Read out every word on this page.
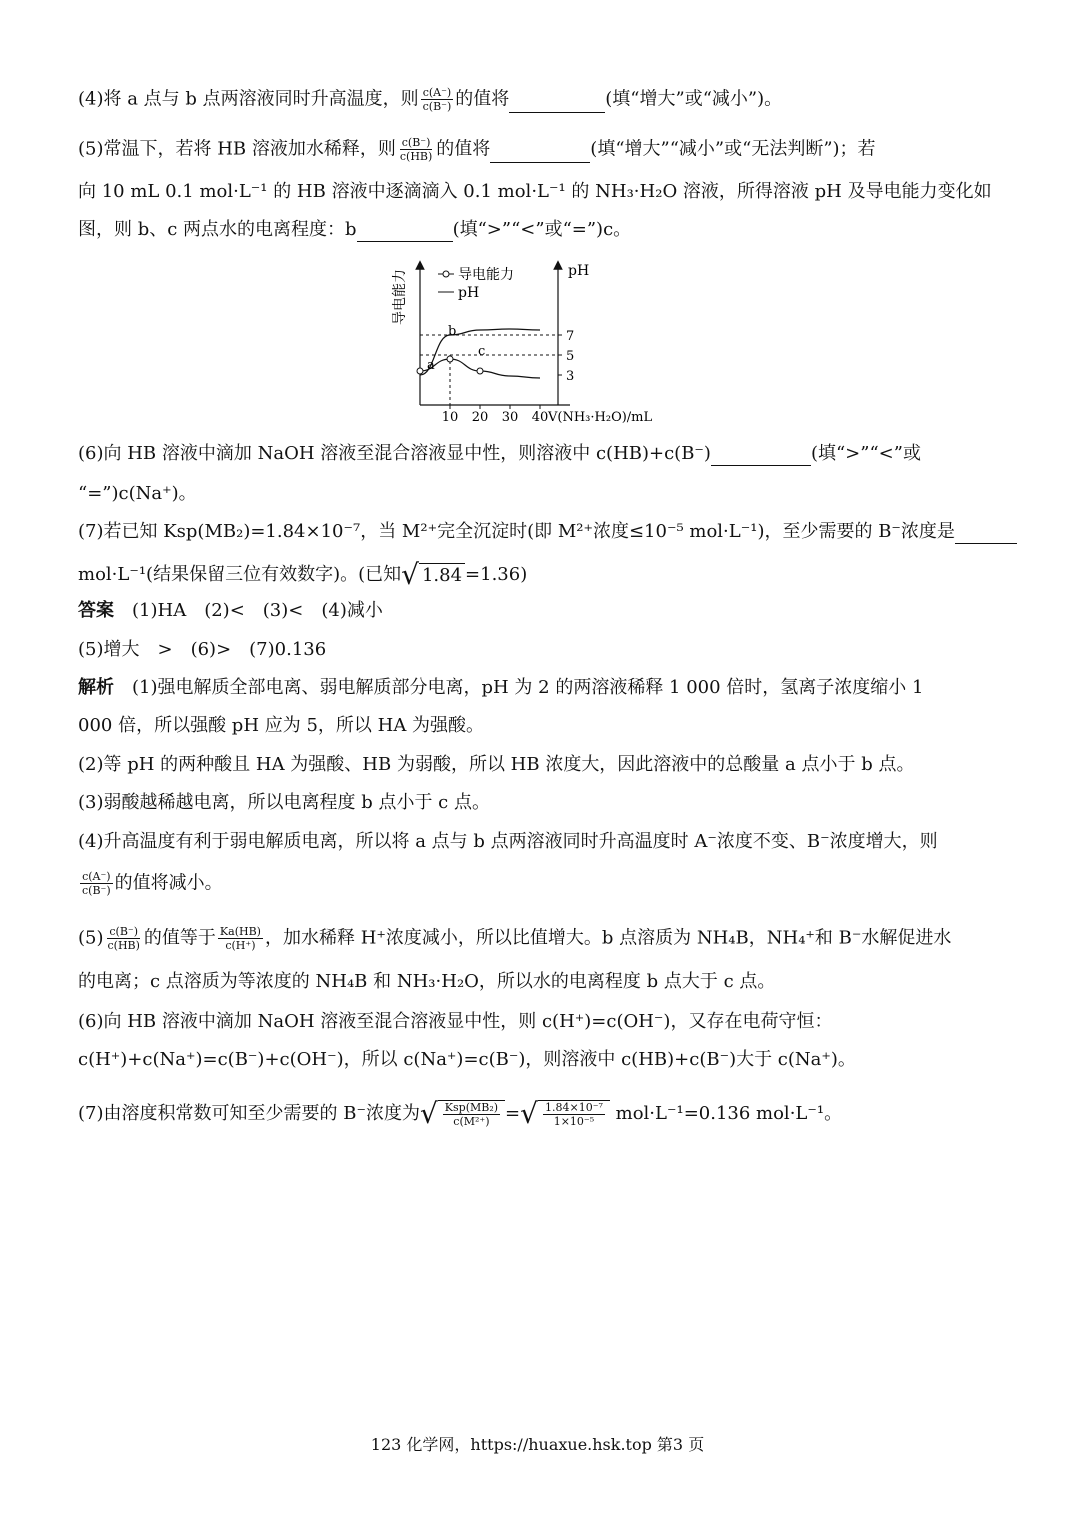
(4)将 a 点与 b 点两溶液同时升高温度，则 $\frac{c(A^-)}{c(B^-)}$ 的值将	(填“增大”或“减小”)。
(5)常温下，若将 HB 溶液加水稀释，则 $\frac{c(B^-)}{c(HB)}$ 的值将	(填“增大”“减小”或“无法判断”)；若
向 10 mL 0.1 mol·L⁻¹ 的 HB 溶液中逐滴滴入 0.1 mol·L⁻¹ 的 NH₃·H₂O 溶液，所得溶液 pH 及导电能力变化如
图，则 b、c 两点水的电离程度：b	(填“>”“<”或“=”)c。
导电能力	pH
导电能力
pH
10 20 30 40
7
5
3
a
b
c
V(NH₃·H₂O)/mL
(6)向 HB 溶液中滴加 NaOH 溶液至混合溶液显中性，则溶液中 c(HB)+c(B⁻)	(填“>”“<”或
“=”)c(Na⁺)。
(7)若已知 Ksp(MB₂)=1.84×10⁻⁷，当 M²⁺完全沉淀时(即 M²⁺浓度≤10⁻⁵ mol·L⁻¹)，至少需要的 B⁻浓度是
mol·L⁻¹(结果保留三位有效数字)。(已知 √ 1.84 =1.36)
答案　 (1)HA　(2)<　(3)<　(4)减小
(5)增大　>　(6)>　(7)0.136
解析　 (1)强电解质全部电离、弱电解质部分电离，pH 为 2 的两溶液稀释 1 000 倍时，氢离子浓度缩小 1
000 倍，所以强酸 pH 应为 5，所以 HA 为强酸。
(2)等 pH 的两种酸且 HA 为强酸、HB 为弱酸，所以 HB 浓度大，因此溶液中的总酸量 a 点小于 b 点。
(3)弱酸越稀越电离，所以电离程度 b 点小于 c 点。
(4)升高温度有利于弱电解质电离，所以将 a 点与 b 点两溶液同时升高温度时 A⁻浓度不变、B⁻浓度增大，则
$\frac{c(A^-)}{c(B^-)}$ 的值将减小。
$(5) \frac{c(B^-)}{c(HB)}$ 的值等于 $\frac{Ka(HB)}{c(H^+)}$ ，加水稀释 H⁺浓度减小，所以比值增大。b 点溶质为 NH₄B，NH₄⁺和 B⁻水解促进水
的电离；c 点溶质为等浓度的 NH₄B 和 NH₃·H₂O，所以水的电离程度 b 点大于 c 点。
(6)向 HB 溶液中滴加 NaOH 溶液至混合溶液显中性，则 c(H⁺)=c(OH⁻)，又存在电荷守恒：
c(H⁺)+c(Na⁺)=c(B⁻)+c(OH⁻)，所以 c(Na⁺)=c(B⁻)，则溶液中 c(HB)+c(B⁻)大于 c(Na⁺)。
(7)由溶度积常数可知至少需要的 B⁻浓度为 √ $\frac{\text{Ksp(MB₂)}}{\text{c(M²⁺)}}$ = √ $\frac{\text{1.84×10⁻⁷}}{\text{1×10⁻⁵}} mol\cdot L^{-1}=0.136$ mol·L⁻¹。
123 化学网，https://huaxue.hsk.top 第3 页
